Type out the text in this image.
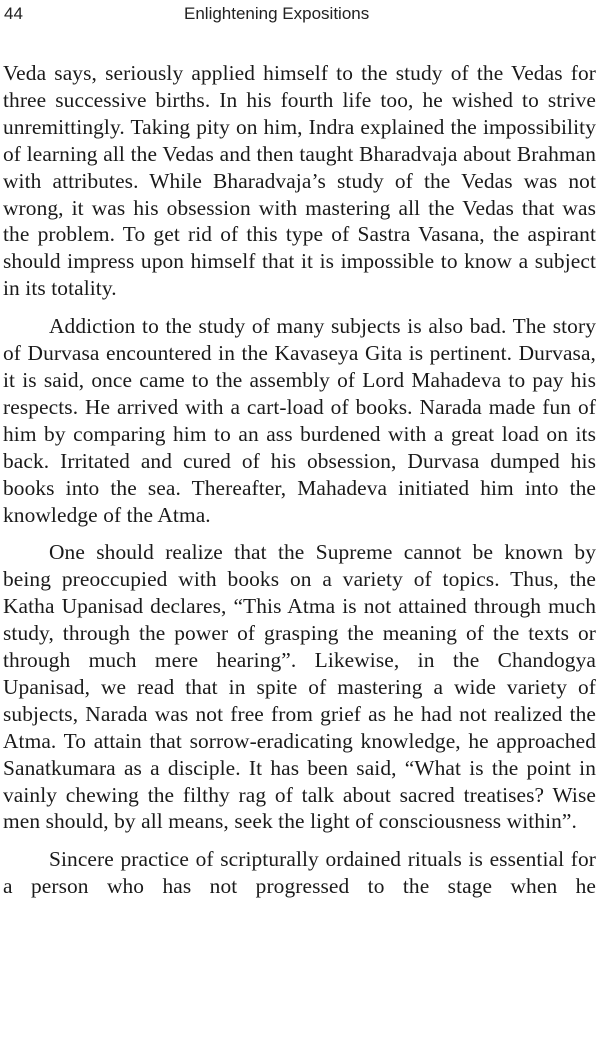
44	Enlightening Expositions

Veda says, seriously applied himself to the study of the Vedas for three successive births. In his fourth life too, he wished to strive unremittingly. Taking pity on him, Indra explained the impossibility of learning all the Vedas and then taught Bharadvaja about Brahman with attributes. While Bharadvaja’s study of the Vedas was not wrong, it was his obsession with mastering all the Vedas that was the problem. To get rid of this type of Sastra Vasana, the aspirant should impress upon himself that it is impossible to know a subject in its totality.

Addiction to the study of many subjects is also bad. The story of Durvasa encountered in the Kavaseya Gita is pertinent. Durvasa, it is said, once came to the assembly of Lord Mahadeva to pay his respects. He arrived with a cart-load of books. Narada made fun of him by comparing him to an ass burdened with a great load on its back. Irritated and cured of his obsession, Durvasa dumped his books into the sea. Thereafter, Mahadeva initiated him into the knowledge of the Atma.

One should realize that the Supreme cannot be known by being preoccupied with books on a variety of topics. Thus, the Katha Upanisad declares, “This Atma is not attained through much study, through the power of grasping the meaning of the texts or through much mere hearing”. Likewise, in the Chandogya Upanisad, we read that in spite of mastering a wide variety of subjects, Narada was not free from grief as he had not realized the Atma. To attain that sorrow-eradicating knowledge, he approached Sanatkumara as a disciple. It has been said, “What is the point in vainly chewing the filthy rag of talk about sacred treatises? Wise men should, by all means, seek the light of consciousness within”.

Sincere practice of scripturally ordained rituals is essential for a person who has not progressed to the stage when he
